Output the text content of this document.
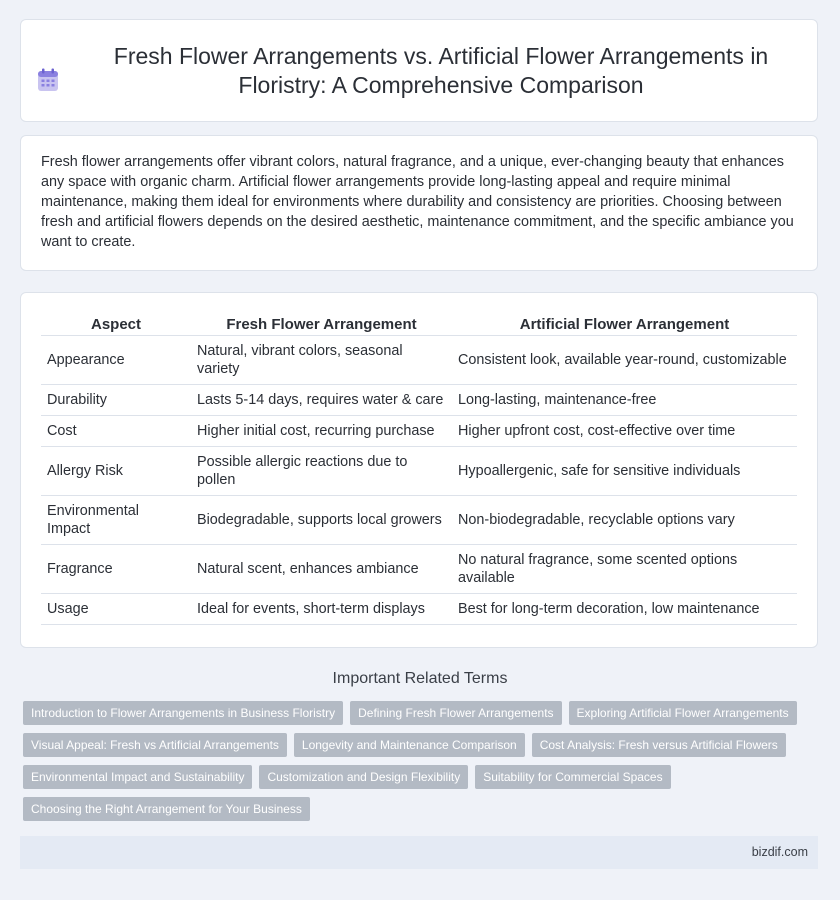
Fresh Flower Arrangements vs. Artificial Flower Arrangements in Floristry: A Comprehensive Comparison

Fresh flower arrangements offer vibrant colors, natural fragrance, and a unique, ever-changing beauty that enhances any space with organic charm. Artificial flower arrangements provide long-lasting appeal and require minimal maintenance, making them ideal for environments where durability and consistency are priorities. Choosing between fresh and artificial flowers depends on the desired aesthetic, maintenance commitment, and the specific ambiance you want to create.

Aspect	Fresh Flower Arrangement	Artificial Flower Arrangement
Appearance	Natural, vibrant colors, seasonal variety	Consistent look, available year-round, customizable
Durability	Lasts 5-14 days, requires water & care	Long-lasting, maintenance-free
Cost	Higher initial cost, recurring purchase	Higher upfront cost, cost-effective over time
Allergy Risk	Possible allergic reactions due to pollen	Hypoallergenic, safe for sensitive individuals
Environmental Impact	Biodegradable, supports local growers	Non-biodegradable, recyclable options vary
Fragrance	Natural scent, enhances ambiance	No natural fragrance, some scented options available
Usage	Ideal for events, short-term displays	Best for long-term decoration, low maintenance
Important Related Terms
Introduction to Flower Arrangements in Business Floristry	Defining Fresh Flower Arrangements	Exploring Artificial Flower Arrangements
Visual Appeal: Fresh vs Artificial Arrangements	Longevity and Maintenance Comparison	Cost Analysis: Fresh versus Artificial Flowers
Environmental Impact and Sustainability	Customization and Design Flexibility	Suitability for Commercial Spaces
Choosing the Right Arrangement for Your Business
bizdif.com
